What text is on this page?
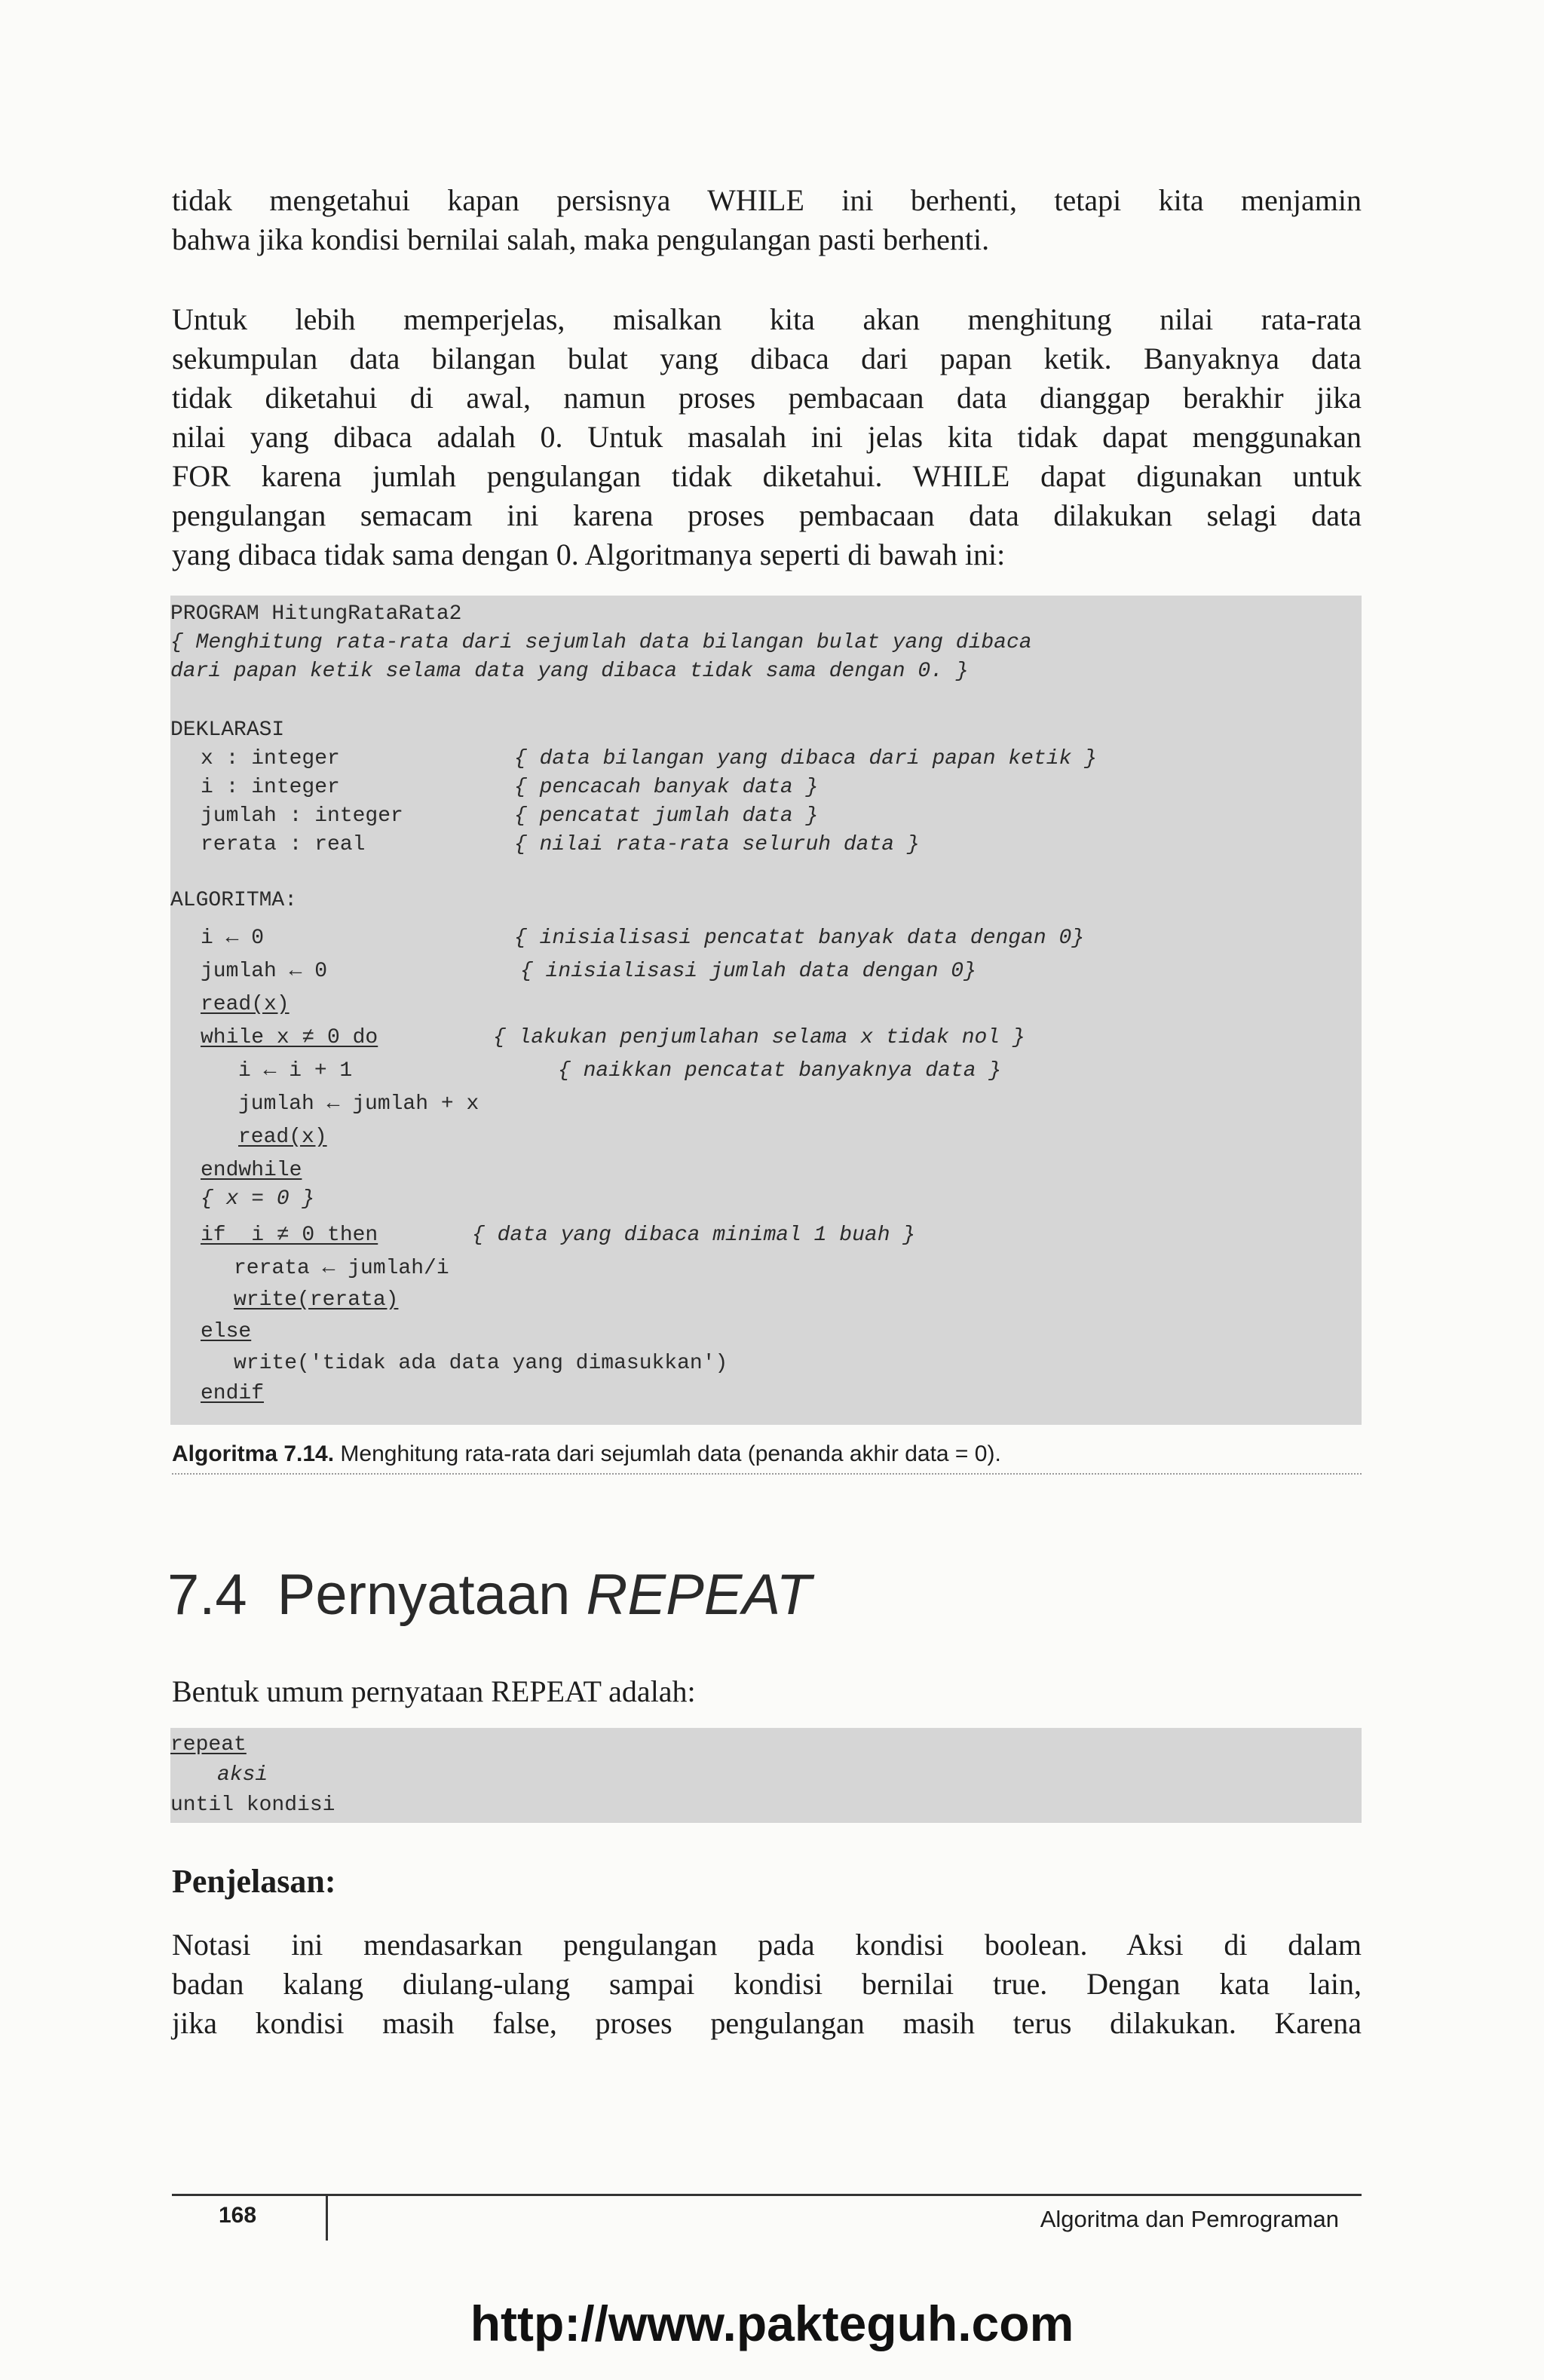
tidak mengetahui kapan persisnya WHILE ini berhenti, tetapi kita menjamin
bahwa jika kondisi bernilai salah, maka pengulangan pasti berhenti.
Untuk lebih memperjelas, misalkan kita akan menghitung nilai rata-rata
sekumpulan data bilangan bulat yang dibaca dari papan ketik. Banyaknya data
tidak diketahui di awal, namun proses pembacaan data dianggap berakhir jika
nilai yang dibaca adalah 0. Untuk masalah ini jelas kita tidak dapat menggunakan
FOR karena jumlah pengulangan tidak diketahui. WHILE dapat digunakan untuk
pengulangan semacam ini karena proses pembacaan data dilakukan selagi data
yang dibaca tidak sama dengan 0. Algoritmanya seperti di bawah ini:
PROGRAM HitungRataRata2
{ Menghitung rata-rata dari sejumlah data bilangan bulat yang dibaca
dari papan ketik selama data yang dibaca tidak sama dengan 0. }
DEKLARASI
x : integer	{ data bilangan yang dibaca dari papan ketik }
i : integer	{ pencacah banyak data }
jumlah : integer	{ pencatat jumlah data }
rerata : real	{ nilai rata-rata seluruh data }
ALGORITMA:
i ← 0	{ inisialisasi pencatat banyak data dengan 0}
jumlah ← 0	{ inisialisasi jumlah data dengan 0}
read(x)
while x ≠ 0 do	{ lakukan penjumlahan selama x tidak nol }
i ← i + 1	{ naikkan pencatat banyaknya data }
jumlah ← jumlah + x
read(x)
endwhile
{ x = 0 }
if  i ≠ 0 then	{ data yang dibaca minimal 1 buah }
rerata ← jumlah/i
write(rerata)
else
write('tidak ada data yang dimasukkan')
endif
Algoritma 7.14. Menghitung rata-rata dari sejumlah data (penanda akhir data = 0).
7.4 Pernyataan REPEAT
Bentuk umum pernyataan REPEAT adalah:
repeat
aksi
until kondisi
Penjelasan:
Notasi ini mendasarkan pengulangan pada kondisi boolean. Aksi di dalam
badan kalang diulang-ulang sampai kondisi bernilai true. Dengan kata lain,
jika kondisi masih false, proses pengulangan masih terus dilakukan. Karena
168	Algoritma dan Pemrograman
http://www.pakteguh.com
